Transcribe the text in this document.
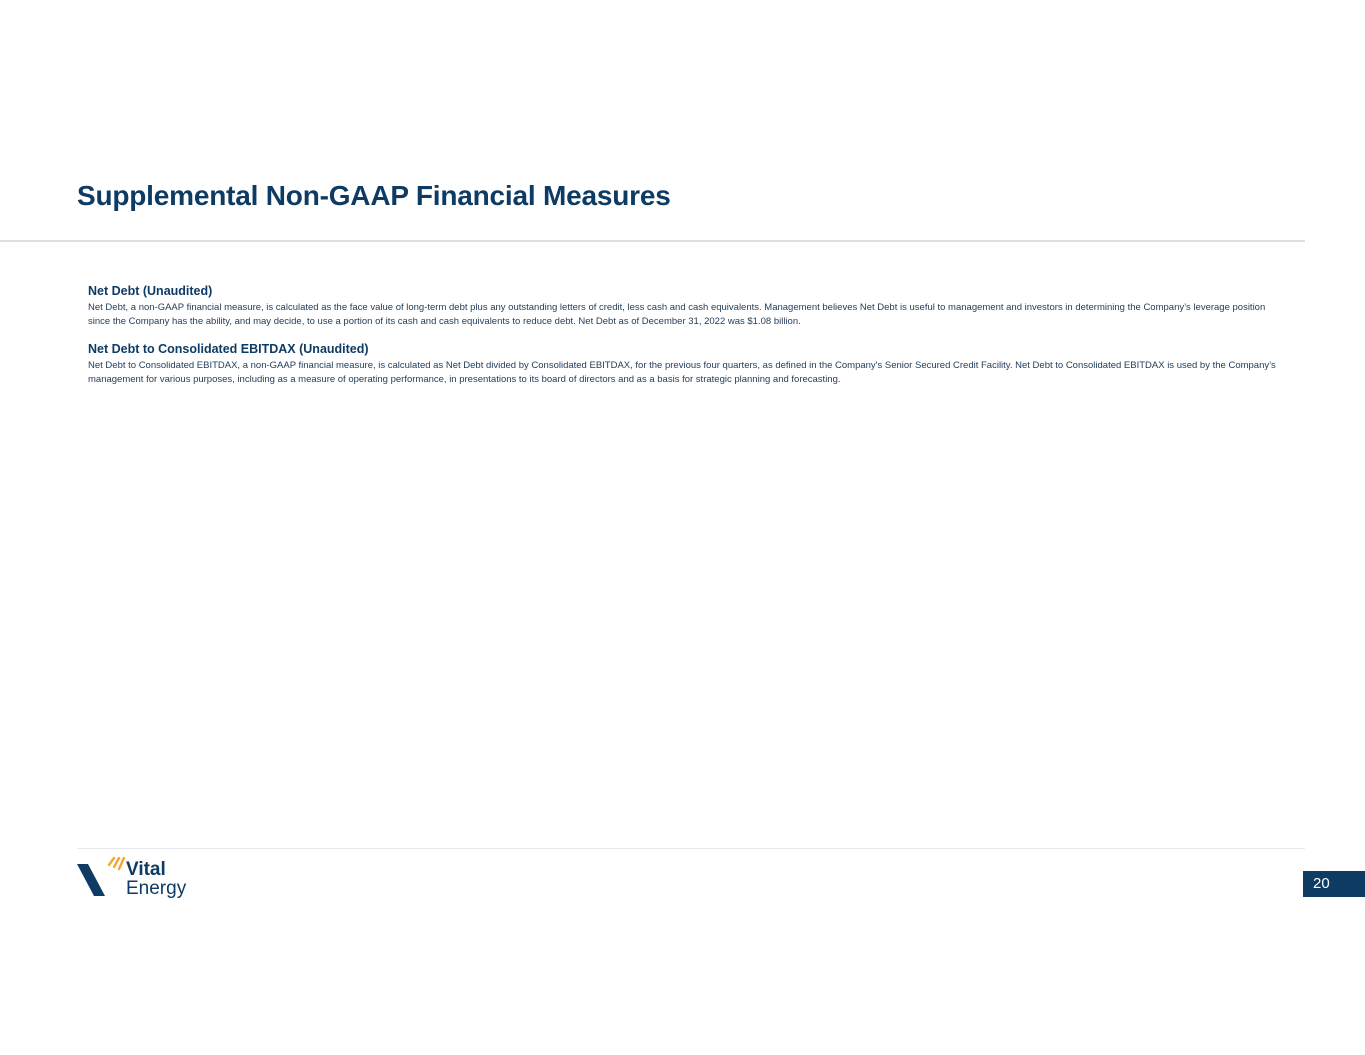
Supplemental Non-GAAP Financial Measures
Net Debt (Unaudited)

Net Debt, a non-GAAP financial measure, is calculated as the face value of long-term debt plus any outstanding letters of credit, less cash and cash equivalents. Management believes Net Debt is useful to management and investors in determining the Company’s leverage position since the Company has the ability, and may decide, to use a portion of its cash and cash equivalents to reduce debt. Net Debt as of December 31, 2022 was $1.08 billion.

Net Debt to Consolidated EBITDAX (Unaudited)

Net Debt to Consolidated EBITDAX, a non-GAAP financial measure, is calculated as Net Debt divided by Consolidated EBITDAX, for the previous four quarters, as defined in the Company's Senior Secured Credit Facility. Net Debt to Consolidated EBITDAX is used by the Company’s management for various purposes, including as a measure of operating performance, in presentations to its board of directors and as a basis for strategic planning and forecasting.

Vital
Energy	20
